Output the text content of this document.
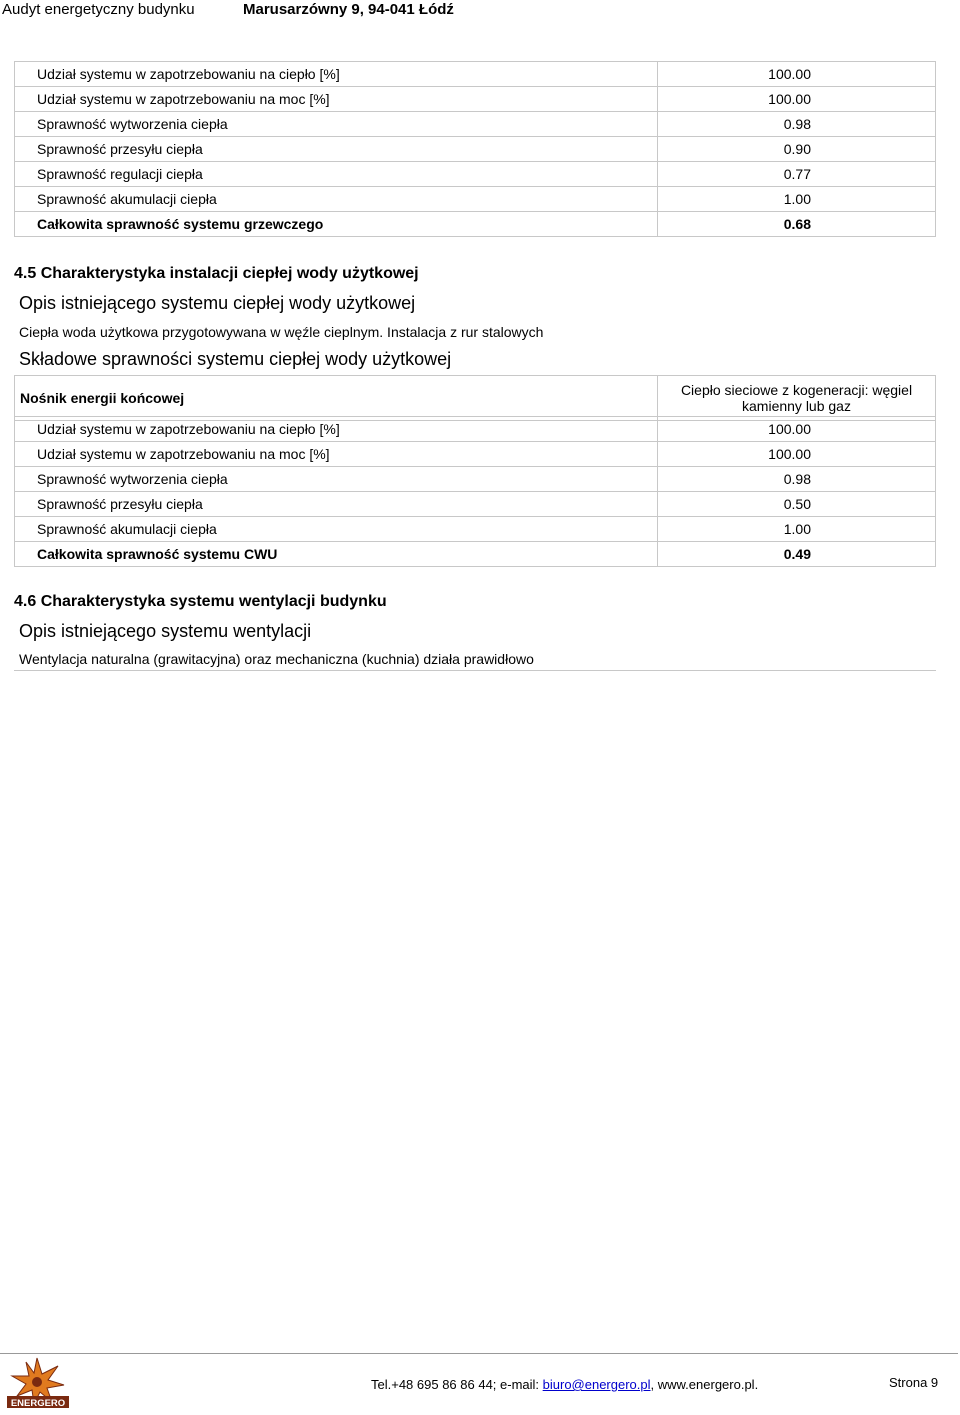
Audyt energetyczny budynku	Marusarzówny 9, 94-041 Łódź
Udział systemu w zapotrzebowaniu na ciepło [%]	100.00
Udział systemu w zapotrzebowaniu na moc [%]	100.00
Sprawność wytworzenia ciepła	0.98
Sprawność przesyłu ciepła	0.90
Sprawność regulacji ciepła	0.77
Sprawność akumulacji ciepła	1.00
Całkowita sprawność systemu grzewczego	0.68
4.5 Charakterystyka instalacji ciepłej wody użytkowej
Opis istniejącego systemu ciepłej wody użytkowej
Ciepła woda użytkowa przygotowywana w węźle cieplnym. Instalacja z rur stalowych
Składowe sprawności systemu ciepłej wody użytkowej
Nośnik energii końcowej	Ciepło sieciowe z kogeneracji: węgiel kamienny lub gaz
Udział systemu w zapotrzebowaniu na ciepło [%]	100.00
Udział systemu w zapotrzebowaniu na moc [%]	100.00
Sprawność wytworzenia ciepła	0.98
Sprawność przesyłu ciepła	0.50
Sprawność akumulacji ciepła	1.00
Całkowita sprawność systemu CWU	0.49
4.6 Charakterystyka systemu wentylacji budynku
Opis istniejącego systemu wentylacji
Wentylacja naturalna (grawitacyjna) oraz mechaniczna (kuchnia) działa prawidłowo
ENERGERO
Tel.+48 695 86 86 44; e-mail: biuro@energero.pl, www.energero.pl.	Strona 9
